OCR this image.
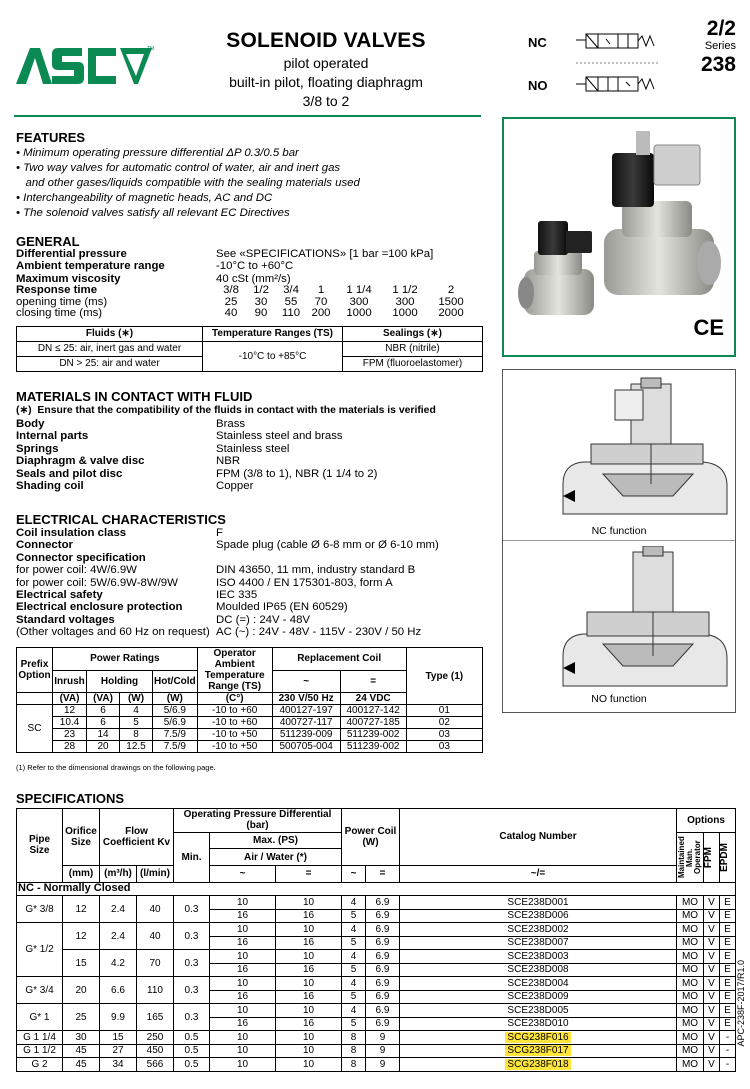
TM	SOLENOID VALVES
pilot operated
built-in pilot, floating diaphragm
3/8 to 2
NC
NO
2/2
Series
238
CE
FEATURES
• Minimum operating pressure differential ΔP 0.3/0.5 bar
• Two way valves for automatic control of water, air and inert gas
and other gases/liquids compatible with the sealing materials used
• Interchangeability of magnetic heads, AC and DC
• The solenoid valves satisfy all relevant EC Directives
GENERAL
Differential pressure	See «SPECIFICATIONS» [1 bar =100 kPa]
Ambient temperature range	-10°C to +60°C
Maximum viscosity	40 cSt (mm²/s)
Response time	3/8	1/2	3/4	1	1 1/4	1 1/2	2
opening time (ms)	25	30	55	70	300	300	1500
closing time (ms)	40	90	110	200	1000	1000	2000
Fluids (∗)	Temperature Ranges (TS)	Sealings (∗)
DN ≤ 25: air, inert gas and water	-10°C to +85°C	NBR (nitrile)
DN > 25: air and water		FPM (fluoroelastomer)
MATERIALS IN CONTACT WITH FLUID
(∗) Ensure that the compatibility of the fluids in contact with the materials is verified
Body	Brass
Internal parts	Stainless steel and brass
Springs	Stainless steel
Diaphragm & valve disc	NBR
Seals and pilot disc	FPM (3/8 to 1), NBR (1 1/4 to 2)
Shading coil	Copper
ELECTRICAL CHARACTERISTICS
Coil insulation class	F
Connector	Spade plug (cable Ø 6-8 mm or Ø 6-10 mm)
Connector specification
for power coil: 4W/6.9W	DIN 43650, 11 mm, industry standard B
for power coil: 5W/6.9W-8W/9W	ISO 4400 / EN 175301-803, form A
Electrical safety	IEC 335
Electrical enclosure protection	Moulded IP65 (EN 60529)
Standard voltages	DC (=) : 24V - 48V
(Other voltages and 60 Hz on request) AC (~) : 24V - 48V - 115V - 230V / 50 Hz
Prefix Option	Power Ratings				Operator Ambient Temperature Range (TS)	Replacement Coil		Type (1)
	Inrush	Holding		Hot/Cold		~	=	
	(VA)	(VA)	(W)	(W)	(C°)	230 V/50 Hz	24 VDC	
SC	12	6	4	5/6.9	-10 to +60	400127-197	400127-142	01
	10.4	6	5	5/6.9	-10 to +60	400727-117	400727-185	02
	23	14	8	7.5/9	-10 to +50	511239-009	511239-002	03
	28	20	12.5	7.5/9	-10 to +50	500705-004	511239-002	03
(1) Refer to the dimensional drawings on the following page.
NC function
NO function
SPECIFICATIONS
Pipe Size	Orifice Size	Flow Coefficient Kv		Operating Pressure Differential (bar)			Power Coil (W)		Catalog Number	Options		
				Min.	Max. (PS)					Maintained Man. Operator	FPM	EPDM

					Air / Water (*)							
	(mm)	(m³/h)	(l/min)		~	=	~	=	~/=			
NC - Normally Closed												
G* 3/8	12	2.4	40	0.3	10	10	4	6.9	SCE238D001	MO	V	E
					16	16	5	6.9	SCE238D006	MO	V	E
G* 1/2	12	2.4	40	0.3	10	10	4	6.9	SCE238D002	MO	V	E
					16	16	5	6.9	SCE238D007	MO	V	E
	15	4.2	70	0.3	10	10	4	6.9	SCE238D003	MO	V	E
					16	16	5	6.9	SCE238D008	MO	V	E
G* 3/4	20	6.6	110	0.3	10	10	4	6.9	SCE238D004	MO	V	E
					16	16	5	6.9	SCE238D009	MO	V	E
G* 1	25	9.9	165	0.3	10	10	4	6.9	SCE238D005	MO	V	E
					16	16	5	6.9	SCE238D010	MO	V	E
G 1 1/4	30	15	250	0.5	10	10	8	9	SCG238F016	MO	V	-
G 1 1/2	45	27	450	0.5	10	10	8	9	SCG238F017	MO	V	-
G 2	45	34	566	0.5	10	10	8	9	SCG238F018	MO	V	-
APC-238F-2017/R1.0
